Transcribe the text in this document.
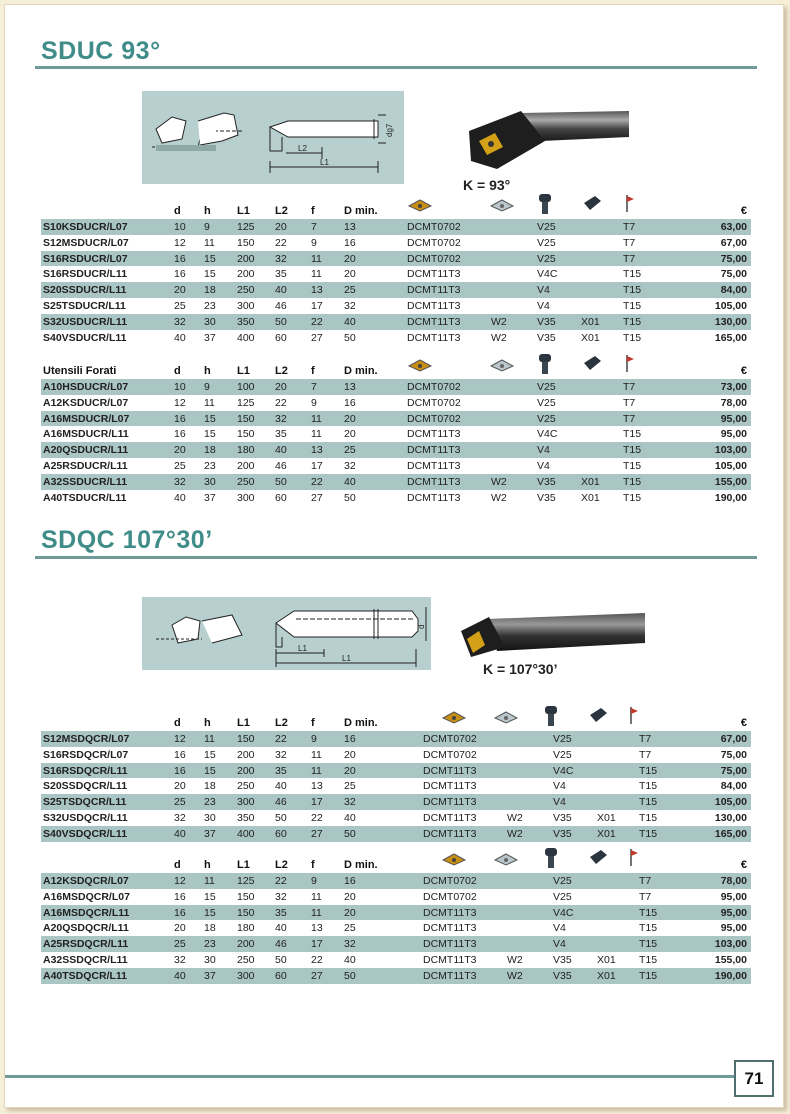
SDUC 93°
L2
L1
dg7
K = 93°
d h L1 L2 f	D min.	€
S10KSDUCR/L07	10 9	125 20 7	13	DCMT0702	V25	T7	63,00
S12MSDUCR/L07	12 11 150 22 9	16	DCMT0702	V25	T7	67,00
S16RSDUCR/L07	16 15 200 32 11 20	DCMT0702	V25	T7	75,00
S16RSDUCR/L11	16 15 200 35 11 20	DCMT11T3	V4C	T15	75,00
S20SSDUCR/L11	20 18 250 40 13 25	DCMT11T3	V4	T15	84,00
S25TSDUCR/L11	25 23 300 46 17 32	DCMT11T3	V4	T15	105,00
S32USDUCR/L11	32 30 350 50 22 40	DCMT11T3	W2	V35 X01 T15	130,00
S40VSDUCR/L11	40 37 400 60 27 50	DCMT11T3	W2	V35 X01 T15	165,00
Utensili Forati	d h L1 L2 f	D min.	€
A10HSDUCR/L07	10 9	100 20 7	13	DCMT0702	V25	T7	73,00
A12KSDUCR/L07	12 11 125 22 9	16	DCMT0702	V25	T7	78,00
A16MSDUCR/L07	16 15 150 32 11 20	DCMT0702	V25	T7	95,00
A16MSDUCR/L11	16 15 150 35 11 20	DCMT11T3	V4C	T15	95,00
A20QSDUCR/L11	20 18 180 40 13 25	DCMT11T3	V4	T15	103,00
A25RSDUCR/L11	25 23 200 46 17 32	DCMT11T3	V4	T15	105,00
A32SSDUCR/L11	32 30 250 50 22 40	DCMT11T3	W2	V35 X01 T15	155,00
A40TSDUCR/L11	40 37 300 60 27 50	DCMT11T3	W2	V35 X01 T15	190,00
SDQC 107°30’
L1
L1
d
K = 107°30’
d h L1 L2 f	D min.	€
S12MSDQCR/L07	12 11 150 22 9	16	DCMT0702	V25	T7	67,00
S16RSDQCR/L07	16 15 200 32 11 20	DCMT0702	V25	T7	75,00
S16RSDQCR/L11	16 15 200 35 11 20	DCMT11T3	V4C	T15	75,00
S20SSDQCR/L11	20 18 250 40 13 25	DCMT11T3	V4	T15	84,00
S25TSDQCR/L11	25 23 300 46 17 32	DCMT11T3	V4	T15	105,00
S32USDQCR/L11	32 30 350 50 22 40	DCMT11T3	W2	V35 X01 T15	130,00
S40VSDQCR/L11	40 37 400 60 27 50	DCMT11T3	W2	V35 X01 T15	165,00
d h L1 L2 f	D min.	€
A12KSDQCR/L07	12 11 125 22 9	16	DCMT0702	V25	T7	78,00
A16MSDQCR/L07	16 15 150 32 11 20	DCMT0702	V25	T7	95,00
A16MSDQCR/L11	16 15 150 35 11 20	DCMT11T3	V4C	T15	95,00
A20QSDQCR/L11	20 18 180 40 13 25	DCMT11T3	V4	T15	95,00
A25RSDQCR/L11	25 23 200 46 17 32	DCMT11T3	V4	T15	103,00
A32SSDQCR/L11	32 30 250 50 22 40	DCMT11T3	W2	V35 X01 T15	155,00
A40TSDQCR/L11	40 37 300 60 27 50	DCMT11T3	W2	V35 X01 T15	190,00
71
